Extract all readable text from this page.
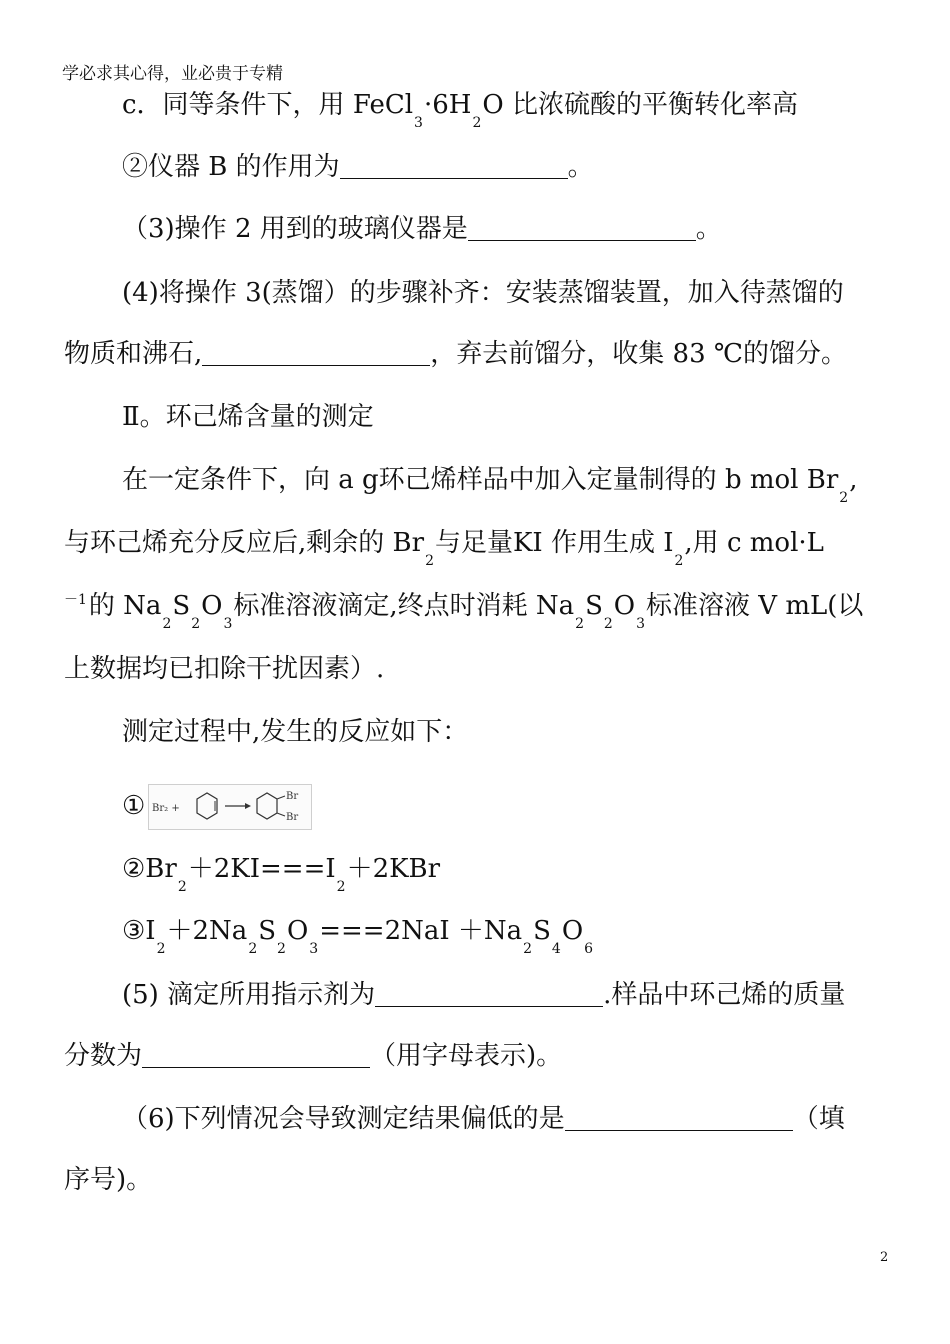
学必求其心得，业必贵于专精
c．同等条件下，用 FeCl3·6H2O 比浓硫酸的平衡转化率高
②仪器 B 的作用为	。
（3)操作 2 用到的玻璃仪器是	。
(4)将操作 3(蒸馏）的步骤补齐：安装蒸馏装置，加入待蒸馏的
物质和沸石,	，弃去前馏分，收集 83 ℃的馏分。
Ⅱ。环己烯含量的测定
在一定条件下，向 a g环己烯样品中加入定量制得的 b mol Br2,
与环己烯充分反应后,剩余的 Br2与足量KI 作用生成 I2,用 c mol·L
－1的 Na2S2O3标准溶液滴定,终点时消耗 Na2S2O3标准溶液 V mL(以
上数据均已扣除干扰因素）.
测定过程中,发生的反应如下：
① Br₂ +
Br
Br
②Br2＋2KI===I2＋2KBr
③I2＋2Na2S2O3===2NaI ＋Na2S4O6
(5) 滴定所用指示剂为	.样品中环己烯的质量
分数为	（用字母表示)。
（6)下列情况会导致测定结果偏低的是	（填
序号)。
2
